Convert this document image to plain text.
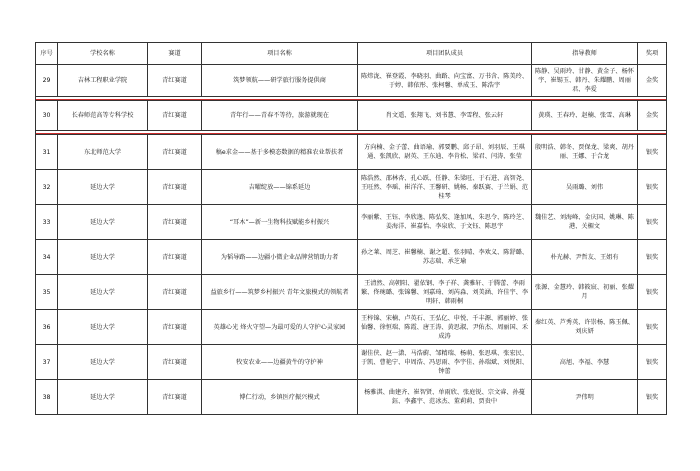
序号	学校名称	赛道	项目名称	项目团队成员	指导教师	奖项
29	吉林工程职业学院	青红赛道	筑梦领航——研学旅行服务提供商	陈炜泷、崔登霞、李晓羽、曲路、向宝富、万书含、陈美玲、于婷、韩依彤、张柯馨、单成玉、陈浩宇	陈静、吴雨玲、甘静、黄金子、杨怀宇、崔锡玉、韩丹、朱耀鹏、周丽君、李爱	金奖

30	长春师范高等专科学校	青红赛道	青年行——青春不等待，旅游就现在	肖文遥、张翔飞、刘书慧、李雪程、张云轩	黄瑛、王春玲、赵楠、张雪、高琳	金奖

31	东北师范大学	青红赛道	稿e求金——基于多模态数据的精准农业帮扶者	方向楠、金子蕾、曲语瑜、郭要鹏、邱子昂、刘羽辰、王琪通、张凯欣、尉英、王东迪、李肯松、梁君、闫涛、张莹	殷明浩、韩冬、贾保龙、梁爽、胡丹丽、王娜、于合龙	银奖
32	延边大学	青红赛道	吉曜绽放——锦系延边	陈浩然、邵林杏、孔心跃、任静、朱梁旺、于石进、高智尧、王旺然、李瑶、崔洋洋、王馨研、姚畅、秦跃赛、于兰娟、范桂琴	吴雨璐、刘伟	银奖
33	延边大学	青红赛道	“耳木”—新一生物科技赋能乡村振兴	李丽紫、王钰、李欣逸、陈弘奖、逢加凤、朱思令、陈玲芝、姜海洋、崔嘉怡、李泉欣、于文钰、陈思宇	魏佳艺、刘海峰、金庆国、姚琳、陈港、关楣文	银奖
34	延边大学	青红赛道	为韬导路——边疆小微企业品牌营销助力者	孙之莱、周芝、崔馨楠、谢之超、张羽晴、李欢义、陈舒璐、苏志瑞、承芝瑜	朴光赫、尹哲友、王姐有	银奖
35	延边大学	青红赛道	益旅乡行——筑梦乡村振兴 青年文旅模式的领航者	王清然、高朝阳、翟依钢、李子祥、龚雅轩、于腾蕾、李雨繁、佟琬璐、张锦馨、刘嘉琦、刘芮淼、刘美涵、许佳宇、李明轩、韩雨桐	张源、金慧玲、韩筱宸、初丽、张耀月	银奖
36	延边大学	青红赛道	英雄心光 烽火守望—为最可爱的人守护心灵家园	王梓锦、宋楠、卢英石、王弘亿、申悦、千丰源、郭丽婷、张仙馨、徐恒瑞、陈霞、唐王涛、黄思淑、尹佑杰、周丽国、禾成涛	秦红英、芦秀英、许崇杨、陈玉佩、刘庆妍	银奖
37	延边大学	青红赛道	牧安农业——边疆黄牛的守护神	谢佳侠、赵一潇、马浩蔚、邹精瑞、杨萌、张思琪、张宏民、于凯、曹艳宁、申周浩、冯思雨、李宇佳、孙瑞斌、刘悦阳、钟蕾	高旭、李福、李慧	银奖
38	延边大学	青红赛道	博仁行动，乡镇医疗振兴模式	杨雅淇、曲建齐、崔智贤、单雨欣、张庭锐、宗文睿、孙蔓鈺、李鑫宇、范冰杰、董莉莉、贾贵中	尹伟明	银奖
